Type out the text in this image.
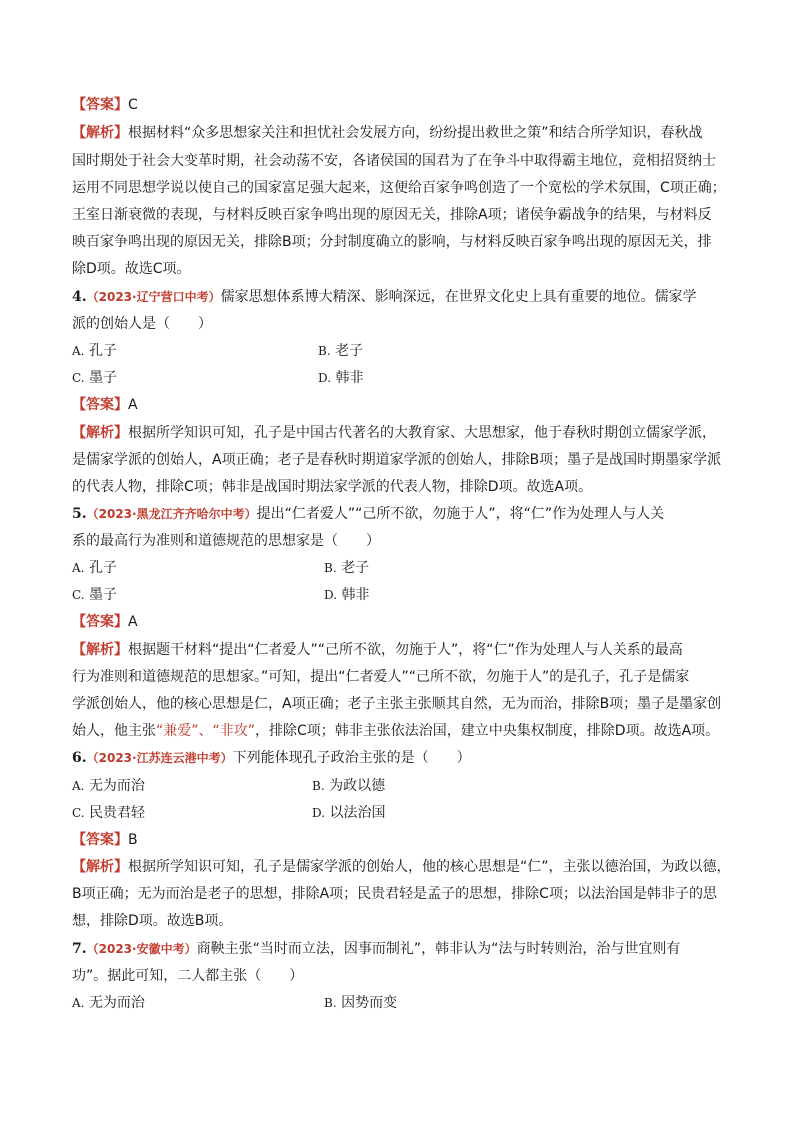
【答案】C
【解析】根据材料“众多思想家关注和担忧社会发展方向，纷纷提出救世之策”和结合所学知识，春秋战
国时期处于社会大变革时期，社会动荡不安，各诸侯国的国君为了在争斗中取得霸主地位，竞相招贤纳士
运用不同思想学说以使自己的国家富足强大起来，这便给百家争鸣创造了一个宽松的学术氛围，C项正确；
王室日渐衰微的表现，与材料反映百家争鸣出现的原因无关，排除A项；诸侯争霸战争的结果，与材料反
映百家争鸣出现的原因无关，排除B项；分封制度确立的影响，与材料反映百家争鸣出现的原因无关，排
除D项。故选C项。
4.（2023·辽宁营口中考）儒家思想体系博大精深、影响深远，在世界文化史上具有重要的地位。儒家学
派的创始人是（　　）
A. 孔子	B. 老子
C. 墨子	D. 韩非
【答案】A
【解析】根据所学知识可知，孔子是中国古代著名的大教育家、大思想家，他于春秋时期创立儒家学派，
是儒家学派的创始人，A项正确；老子是春秋时期道家学派的创始人，排除B项；墨子是战国时期墨家学派
的代表人物，排除C项；韩非是战国时期法家学派的代表人物，排除D项。故选A项。
5.（2023·黑龙江齐齐哈尔中考）提出“仁者爱人”“己所不欲，勿施于人”，将“仁”作为处理人与人关
系的最高行为准则和道德规范的思想家是（　　）
A. 孔子	B. 老子
C. 墨子	D. 韩非
【答案】A
【解析】根据题干材料“提出“仁者爱人”“己所不欲，勿施于人”，将“仁”作为处理人与人关系的最高
行为准则和道德规范的思想家。”可知，提出“仁者爱人”“己所不欲，勿施于人”的是孔子，孔子是儒家
学派创始人，他的核心思想是仁，A项正确；老子主张主张顺其自然，无为而治，排除B项；墨子是墨家创
始人，他主张“兼爱”、“非攻”，排除C项；韩非主张依法治国，建立中央集权制度，排除D项。故选A项。
6.（2023·江苏连云港中考）下列能体现孔子政治主张的是（　　）
A. 无为而治	B. 为政以德
C. 民贵君轻	D. 以法治国
【答案】B
【解析】根据所学知识可知，孔子是儒家学派的创始人，他的核心思想是“仁”，主张以德治国，为政以德，
B项正确；无为而治是老子的思想，排除A项；民贵君轻是孟子的思想，排除C项；以法治国是韩非子的思
想，排除D项。故选B项。
7.（2023·安徽中考）商鞅主张“当时而立法，因事而制礼”，韩非认为“法与时转则治，治与世宜则有
功”。据此可知，二人都主张（　　）
A. 无为而治	B. 因势而变
